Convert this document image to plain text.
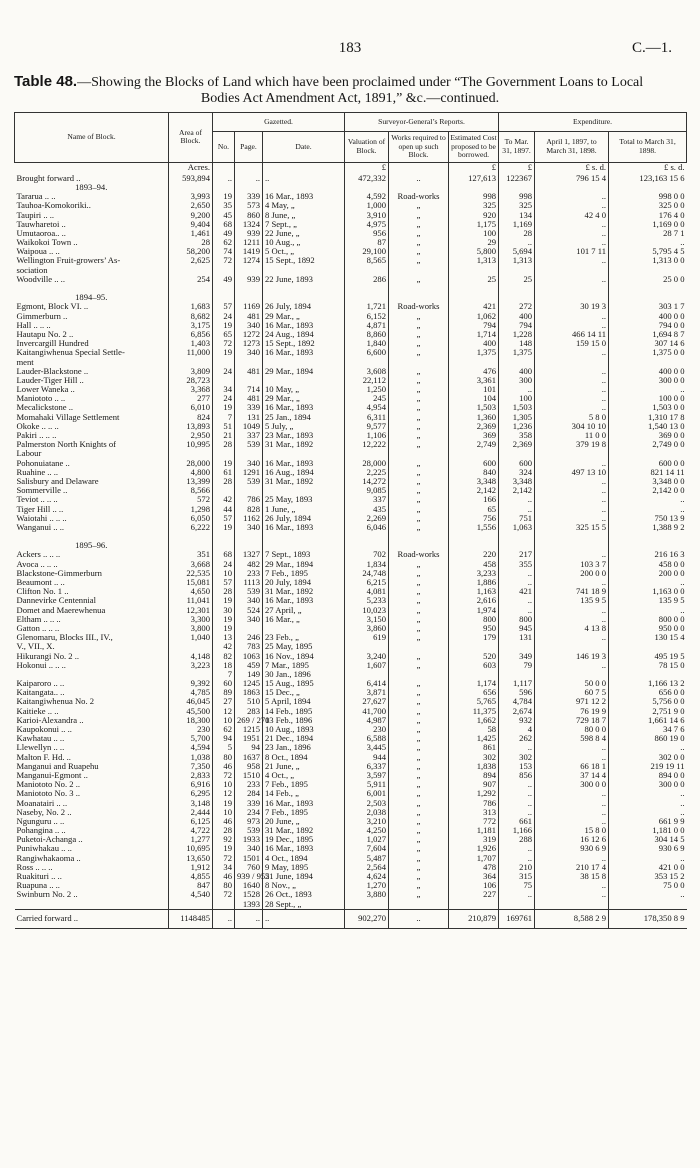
183	C.—1.
Table 48.—Showing the Blocks of Land which have been proclaimed under “The Government Loans to Local
Bodies Act Amendment Act, 1891,” &c.—continued.
Name of Block.	Area of Block.	Gazetted.			Surveyor-General’s Reports.			Expenditure.		
		No.	Page.	Date.	Valuation of Block.	Works required to open up such Block.	Estimated Cost proposed to be borrowed.	To Mar. 31, 1897.	April 1, 1897, to March 31, 1898.	Total to March 31, 1898.
	Acres.				£		£	£	£ s. d.	£ s. d.
Brought forward ..	593,894	..	..	..	472,332	..	127,613	122367	796 15 4	123,163 15 6
1893–94.										
Tararua .. ..	3,993	19	339	16 Mar., 1893	4,592	Road-works	998	998	..	998 0 0
Tauhoa-Komokoriki..	2,650	35	573	4 May, „	1,000	„	325	325	..	325 0 0
Taupiri .. ..	9,200	45	860	8 June, „	3,910	„	920	134	42 4 0	176 4 0
Tauwharetoi ..	9,404	68	1324	7 Sept., „	4,975	„	1,175	1,169	..	1,169 0 0
Umutaoroa.. ..	1,461	49	939	22 June, „	956	„	100	28	..	28 7 1
Waikokoi Town ..	28	62	1211	10 Aug., „	87	„	29	..	..	..
Waipoua .. ..	58,200	74	1419	5 Oct., „	29,100	„	5,800	5,694	101 7 11	5,795 4 5
Wellington Fruit-growers’ As-	2,625	72	1274	15 Sept., 1892	8,565	„	1,313	1,313	..	1,313 0 0
sociation										
Woodville .. ..	254	49	939	22 June, 1893	286	„	25	25	..	25 0 0

1894–95.										
Egmont, Block VI. ..	1,683	57	1169	26 July, 1894	1,721	Road-works	421	272	30 19 3	303 1 7
Gimmerburn ..	8,682	24	481	29 Mar., „	6,152	„	1,062	400	..	400 0 0
Hall .. .. ..	3,175	19	340	16 Mar., 1893	4,871	„	794	794	..	794 0 0
Hautapu No. 2 ..	6,856	65	1272	24 Aug., 1894	8,860	„	1,714	1,228	466 14 11	1,694 8 7
Invercargill Hundred	1,403	72	1273	15 Sept., 1892	1,840	„	400	148	159 15 0	307 14 6
Kaitangiwhenua Special Settle-	11,000	19	340	16 Mar., 1893	6,600	„	1,375	1,375	..	1,375 0 0
ment										
Lauder-Blackstone ..	3,809	24	481	29 Mar., 1894	3,608	„	476	400	..	400 0 0
Lauder-Tiger Hill ..	28,723				22,112	„	3,361	300	..	300 0 0
Lower Waneka ..	3,368	34	714	10 May, „	1,250	„	101	..	..	..
Maniototo .. ..	277	24	481	29 Mar., „	245	„	104	100	..	100 0 0
Mecalickstone ..	6,010	19	339	16 Mar., 1893	4,954	„	1,503	1,503	..	1,503 0 0
Momahaki Village Settlement	824	7	131	25 Jan., 1894	6,311	„	1,360	1,305	5 8 0	1,310 17 8
Okoke .. .. ..	13,893	51	1049	5 July, „	9,577	„	2,369	1,236	304 10 10	1,540 13 0
Pakiri .. .. ..	2,950	21	337	23 Mar., 1893	1,106	„	369	358	11 0 0	369 0 0
Palmerston North Knights of	10,995	28	539	31 Mar., 1892	12,222	„	2,749	2,369	379 19 8	2,749 0 0
Labour										
Pohonuiatane ..	28,000	19	340	16 Mar., 1893	28,000	„	600	600	..	600 0 0
Ruahine .. ..	4,800	61	1291	16 Aug., 1894	2,225	„	840	324	497 13 10	821 14 11
Salisbury and Delaware	13,399	28	539	31 Mar., 1892	14,272	„	3,348	3,348	..	3,348 0 0
Sommerville ..	8,566				9,085	„	2,142	2,142	..	2,142 0 0
Teviot .. .. ..	572	42	786	25 May, 1893	337	„	166	..	..	..
Tiger Hill .. ..	1,298	44	828	1 June, „	435	„	65	..	..	..
Waiotahi .. .. ..	6,050	57	1162	26 July, 1894	2,269	„	756	751	..	750 13 9
Wanganui .. ..	6,222	19	340	16 Mar., 1893	6,046	„	1,556	1,063	325 15 5	1,388 9 2

1895–96.										
Ackers .. .. ..	351	68	1327	7 Sept., 1893	702	Road-works	220	217	..	216 16 3
Avoca .. .. ..	3,668	24	482	29 Mar., 1894	1,834	„	458	355	103 3 7	458 0 0
Blackstone-Gimmerburn	22,535	10	233	7 Feb., 1895	24,748	„	3,233	..	200 0 0	200 0 0
Beaumont .. ..	15,081	57	1113	20 July, 1894	6,215	„	1,886	..	..	..
Clifton No. 1 ..	4,650	28	539	31 Mar., 1892	4,081	„	1,163	421	741 18 9	1,163 0 0
Dannevirke Centennial	11,041	19	340	16 Mar., 1893	5,233	„	2,616	..	135 9 5	135 9 5
Domet and Maerewhenua	12,301	30	524	27 April, „	10,023	„	1,974	..	..	..
Eltham .. .. ..	3,300	19	340	16 Mar., „	3,150	„	800	800	..	800 0 0
Gatton .. .. ..	3,800	19			3,860	„	950	945	4 13 8	950 0 0
Glenomaru, Blocks III., IV.,	1,040	13	246	23 Feb., „	619	„	179	131	..	130 15 4
V., VII., X.		42	783	25 May, 1895						
Hikurangi No. 2 ..	4,148	82	1063	16 Nov., 1894	3,240	„	520	349	146 19 3	495 19 5
Hokonui .. .. ..	3,223	18	459	7 Mar., 1895	1,607	„	603	79	..	78 15 0
		7	149	30 Jan., 1896						
Kaiparoro .. ..	9,392	60	1245	15 Aug., 1895	6,414	„	1,174	1,117	50 0 0	1,166 13 2
Kaitangata.. ..	4,785	89	1863	15 Dec., „	3,871	„	656	596	60 7 5	656 0 0
Kaitangiwhenua No. 2	46,045	27	510	5 April, 1894	27,627	„	5,765	4,784	971 12 2	5,756 0 0
Kaitieke .. ..	45,500	12	283	14 Feb., 1895	41,700	„	11,375	2,674	76 19 9	2,751 9 0
Karioi-Alexandra ..	18,300	10	269 / 270	13 Feb., 1896	4,987	„	1,662	932	729 18 7	1,661 14 6
Kaupokonui .. ..	230	62	1215	10 Aug., 1893	230	„	58	4	80 0 0	34 7 6
Kawhatau .. ..	5,700	94	1951	21 Dec., 1894	6,588	„	1,425	262	598 8 4	860 19 0
Llewellyn .. ..	4,594	5	94	23 Jan., 1896	3,445	„	861	..	..	..
Malton F. Hd. ..	1,038	80	1637	8 Oct., 1894	944	„	302	302	..	302 0 0
Manganui and Ruapehu	7,350	46	958	21 June, „	6,337	„	1,838	153	66 18 1	219 19 11
Manganui-Egmont ..	2,833	72	1510	4 Oct., „	3,597	„	894	856	37 14 4	894 0 0
Maniototo No. 2 ..	6,916	10	233	7 Feb., 1895	5,911	„	907	..	300 0 0	300 0 0
Maniototo No. 3 ..	6,295	12	284	14 Feb., „	6,001	„	1,292	..	..	..
Moanatairi .. ..	3,148	19	339	16 Mar., 1893	2,503	„	786	..	..	..
Naseby, No. 2 ..	2,444	10	234	7 Feb., 1895	2,038	„	313	..	..	..
Ngunguru .. ..	6,125	46	973	20 June, „	3,210	„	772	661	..	661 9 9
Pohangina .. ..	4,722	28	539	31 Mar., 1892	4,250	„	1,181	1,166	15 8 0	1,181 0 0
Puketoi-Achanga ..	1,277	92	1933	19 Dec., 1895	1,027	„	319	288	16 12 6	304 14 5
Puniwhakau .. ..	10,695	19	340	16 Mar., 1893	7,604	„	1,926	..	930 6 9	930 6 9
Rangiwhakaoma ..	13,650	72	1501	4 Oct., 1894	5,487	„	1,707	..	..	..
Ross .. .. ..	1,912	34	760	9 May, 1895	2,564	„	478	210	210 17 4	421 0 0
Ruakituri .. ..	4,855	46	939 / 955	21 June, 1894	4,624	„	364	315	38 15 8	353 15 2
Ruapuna .. ..	847	80	1640	8 Nov., „	1,270	„	106	75	..	75 0 0
Swinburn No. 2 ..	4,540	72	1528	26 Oct., 1893	3,880	„	227	..	..	..
			1393	28 Sept., „						
Carried forward ..	1148485	..	..	..	902,270	..	210,879	169761	8,588 2 9	178,350 8 9
